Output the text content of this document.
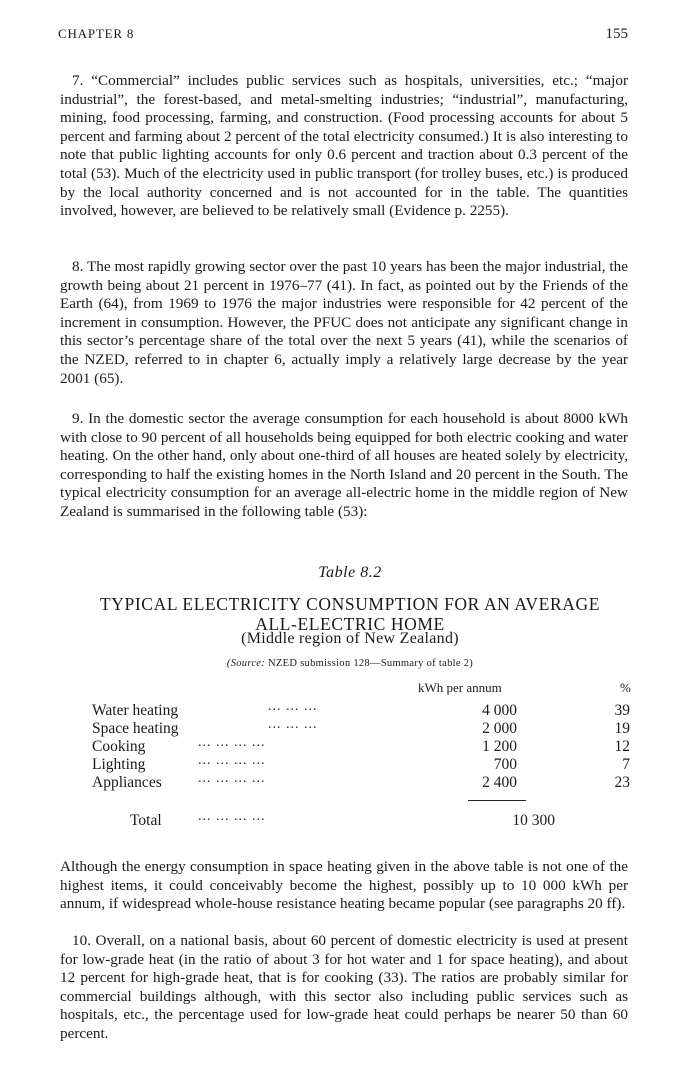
CHAPTER 8	155

7. “Commercial” includes public services such as hospitals, universities, etc.; “major industrial”, the forest-based, and metal-smelting industries; “industrial”, manufacturing, mining, food processing, farming, and construction. (Food processing accounts for about 5 percent and farming about 2 percent of the total electricity consumed.) It is also interesting to note that public lighting accounts for only 0.6 percent and traction about 0.3 percent of the total (53). Much of the electricity used in public transport (for trolley buses, etc.) is produced by the local authority concerned and is not accounted for in the table. The quantities involved, however, are believed to be relatively small (Evidence p. 2255).

8. The most rapidly growing sector over the past 10 years has been the major industrial, the growth being about 21 percent in 1976–77 (41). In fact, as pointed out by the Friends of the Earth (64), from 1969 to 1976 the major industries were responsible for 42 percent of the increment in consumption. However, the PFUC does not anticipate any significant change in this sector’s percentage share of the total over the next 5 years (41), while the scenarios of the NZED, referred to in chapter 6, actually imply a relatively large decrease by the year 2001 (65).

9. In the domestic sector the average consumption for each household is about 8000 kWh with close to 90 percent of all households being equipped for both electric cooking and water heating. On the other hand, only about one-third of all houses are heated solely by electricity, corresponding to half the existing homes in the North Island and 20 percent in the South. The typical electricity consumption for an average all-electric home in the middle region of New Zealand is summarised in the following table (53):

Table 8.2
TYPICAL ELECTRICITY CONSUMPTION FOR AN AVERAGE
ALL-ELECTRIC HOME
(Middle region of New Zealand)
(Source: NZED submission 128—Summary of table 2)
kWh per annum	%
Water heating	... ... ...	4 000	39
Space heating	... ... ...	2 000	19
Cooking	... ... ... ...	1 200	12
Lighting	... ... ... ...	700	7
Appliances	... ... ... ...	2 400	23
Total	... ... ... ...	10 300

Although the energy consumption in space heating given in the above table is not one of the highest items, it could conceivably become the highest, possibly up to 10 000 kWh per annum, if widespread whole-house resistance heating became popular (see paragraphs 20 ff).

10. Overall, on a national basis, about 60 percent of domestic electricity is used at present for low-grade heat (in the ratio of about 3 for hot water and 1 for space heating), and about 12 percent for high-grade heat, that is for cooking (33). The ratios are probably similar for commercial buildings although, with this sector also including public services such as hospitals, etc., the percentage used for low-grade heat could perhaps be nearer 50 than 60 percent.
